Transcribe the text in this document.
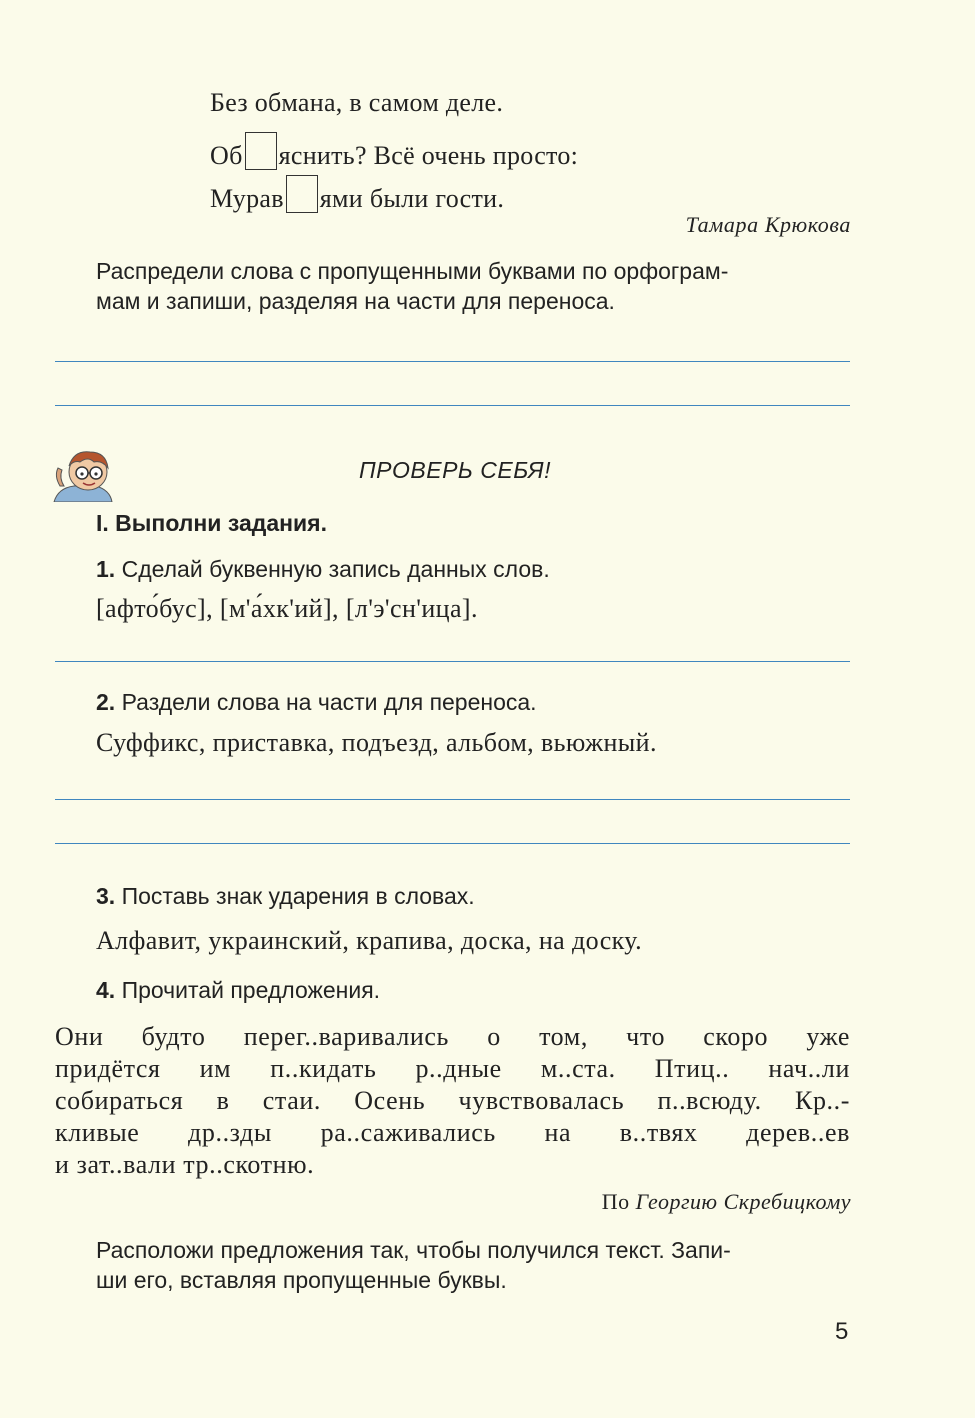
Без обмана, в самом деле.
Об яснить? Всё очень просто:
Мурав ями были гости.
Тамара Крюкова
Распредели слова с пропущенными буквами по орфограм-
мам и запиши, разделяя на части для переноса.
ПРОВЕРЬ СЕБЯ!
I. Выполни задания.
1. Сделай буквенную запись данных слов.
[афто́бус], [м'а́хк'ий], [л'э'сн'ица].
2. Раздели слова на части для переноса.
Суффикс, приставка, подъезд, альбом, вьюжный.
3. Поставь знак ударения в словах.
Алфавит, украинский, крапива, доска, на доску.
4. Прочитай предложения.
Они будто перег..варивались о том, что скоро уже
придётся им п..кидать р..дные м..ста. Птиц.. нач..ли
собираться в стаи. Осень чувствовалась п..всюду. Кр..-
кливые др..зды ра..саживались на в..твях дерев..ев
и зат..вали тр..скотню.
По Георгию Скребицкому
Расположи предложения так, чтобы получился текст. Запи-
ши его, вставляя пропущенные буквы.
5
